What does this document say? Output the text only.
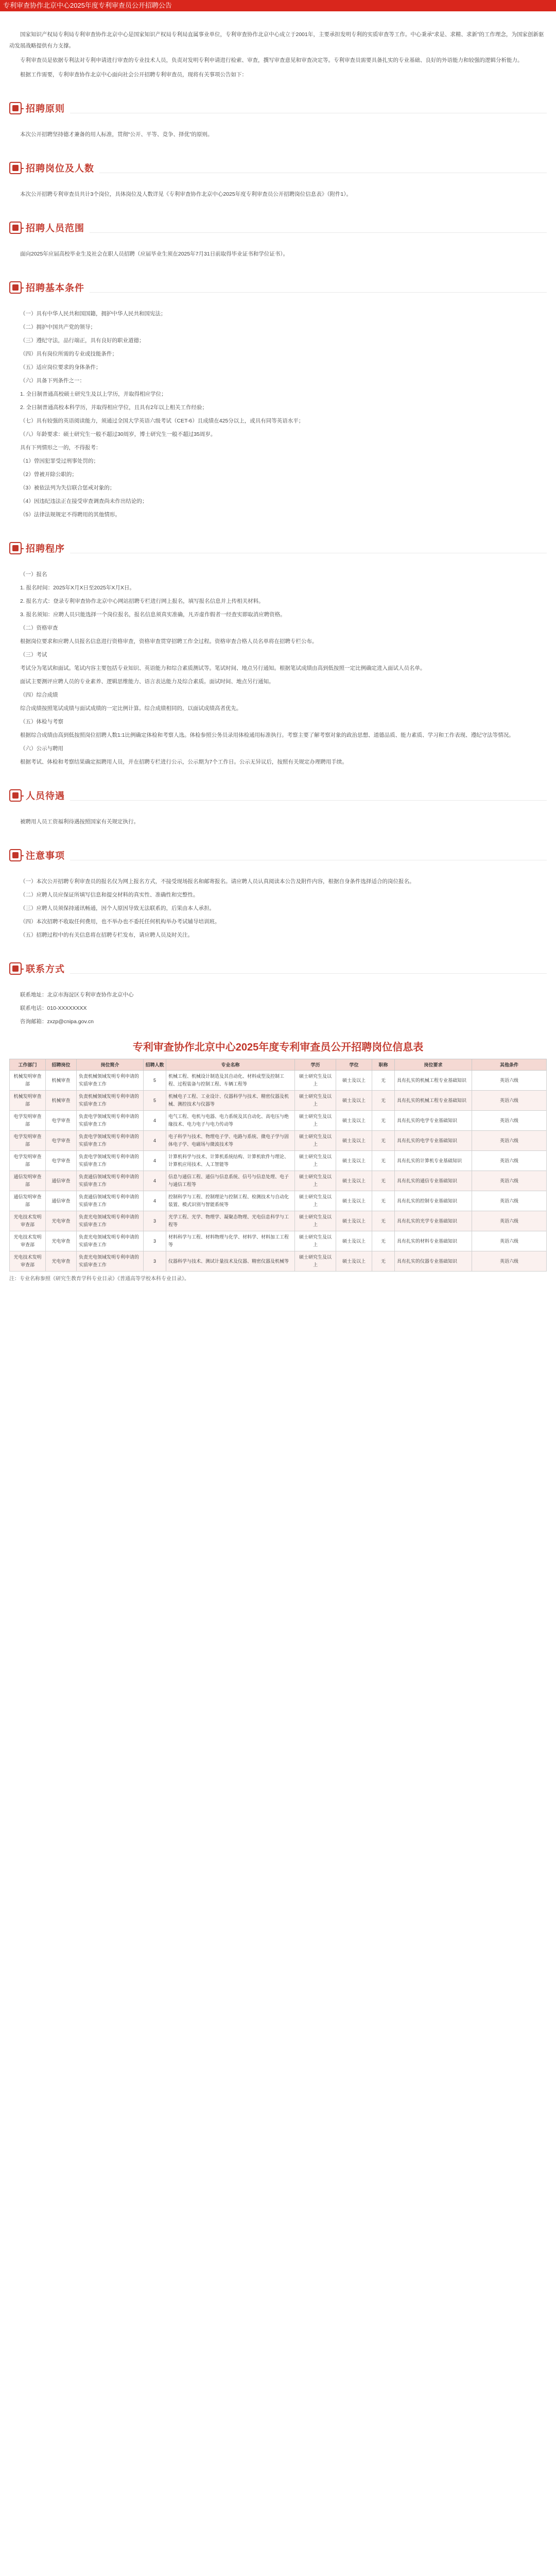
专利审查协作北京中心2025年度专利审查员公开招聘公告

国家知识产权局专利局专利审查协作北京中心是国家知识产权局专利局直属事业单位，专利审查协作北京中心成立于2001年，主要承担发明专利的实质审查等工作。中心秉承“求是、求精、求新”的工作理念，为国家创新驱动发展战略提供有力支撑。

专利审查员是依据专利法对专利申请进行审查的专业技术人员，负责对发明专利申请进行检索、审查，撰写审查意见和审查决定等。专利审查员需要具备扎实的专业基础、良好的外语能力和较强的逻辑分析能力。

根据工作需要，专利审查协作北京中心面向社会公开招聘专利审查员，现将有关事项公告如下：

招聘原则

本次公开招聘坚持德才兼备的用人标准，贯彻“公开、平等、竞争、择优”的原则。

招聘岗位及人数

本次公开招聘专利审查员共计3个岗位，具体岗位及人数详见《专利审查协作北京中心2025年度专利审查员公开招聘岗位信息表》（附件1）。

招聘人员范围

面向2025年应届高校毕业生及社会在职人员招聘（应届毕业生须在2025年7月31日前取得毕业证书和学位证书）。

招聘基本条件

（一）具有中华人民共和国国籍，拥护中华人民共和国宪法；

（二）拥护中国共产党的领导；

（三）遵纪守法，品行端正，具有良好的职业道德；

（四）具有岗位所需的专业或技能条件；

（五）适应岗位要求的身体条件；

（六）具备下列条件之一：

1. 全日制普通高校硕士研究生及以上学历，并取得相应学位；

2. 全日制普通高校本科学历，并取得相应学位，且具有2年以上相关工作经验；

（七）具有较强的英语阅读能力，须通过全国大学英语六级考试（CET-6）且成绩在425分以上，或具有同等英语水平；

（八）年龄要求：硕士研究生一般不超过30周岁，博士研究生一般不超过35周岁。

具有下列情形之一的，不得报考：

（1）曾因犯罪受过刑事处罚的；

（2）曾被开除公职的；

（3）被依法列为失信联合惩戒对象的；

（4）因违纪违法正在接受审查调查尚未作出结论的；

（5）法律法规规定不得聘用的其他情形。

招聘程序

（一）报名

1. 报名时间：2025年X月X日至2025年X月X日。

2. 报名方式：登录专利审查协作北京中心网站招聘专栏进行网上报名，填写报名信息并上传相关材料。

3. 报名须知：应聘人员只能选择一个岗位报名，报名信息须真实准确，凡弄虚作假者一经查实即取消应聘资格。

（二）资格审查

根据岗位要求和应聘人员报名信息进行资格审查，资格审查贯穿招聘工作全过程。资格审查合格人员名单将在招聘专栏公布。

（三）考试

考试分为笔试和面试。笔试内容主要包括专业知识、英语能力和综合素质测试等。笔试时间、地点另行通知。根据笔试成绩由高到低按照一定比例确定进入面试人员名单。

面试主要测评应聘人员的专业素养、逻辑思维能力、语言表达能力及综合素质。面试时间、地点另行通知。

（四）综合成绩

综合成绩按照笔试成绩与面试成绩的一定比例计算。综合成绩相同的，以面试成绩高者优先。

（五）体检与考察

根据综合成绩由高到低按照岗位招聘人数1:1比例确定体检和考察人选。体检参照公务员录用体检通用标准执行。考察主要了解考察对象的政治思想、道德品质、能力素质、学习和工作表现、遵纪守法等情况。

（六）公示与聘用

根据考试、体检和考察结果确定拟聘用人员，并在招聘专栏进行公示，公示期为7个工作日。公示无异议后，按照有关规定办理聘用手续。

人员待遇

被聘用人员工资福利待遇按照国家有关规定执行。

注意事项

（一）本次公开招聘专利审查员的报名仅为网上报名方式，不接受现场报名和邮寄报名。请应聘人员认真阅读本公告及附件内容，根据自身条件选择适合的岗位报名。

（二）应聘人员应保证所填写信息和提交材料的真实性、准确性和完整性。

（三）应聘人员须保持通讯畅通，因个人原因导致无法联系的，后果由本人承担。

（四）本次招聘不收取任何费用，也不举办也不委托任何机构举办考试辅导培训班。

（五）招聘过程中的有关信息将在招聘专栏发布，请应聘人员及时关注。

联系方式

联系地址：北京市海淀区专利审查协作北京中心

联系电话：010-XXXXXXXX

咨询邮箱：zxzp@cnipa.gov.cn

专利审查协作北京中心2025年度专利审查员公开招聘岗位信息表
工作部门	招聘岗位	岗位简介	招聘人数	专业名称	学历	学位	职称	岗位要求	其他条件
机械发明审查部	机械审查	负责机械领域发明专利申请的实质审查工作	5	机械工程、机械设计制造及其自动化、材料成型及控制工程、过程装备与控制工程、车辆工程等	硕士研究生及以上	硕士及以上	无	具有扎实的机械工程专业基础知识	英语六级
机械发明审查部	机械审查	负责机械领域发明专利申请的实质审查工作	5	机械电子工程、工业设计、仪器科学与技术、精密仪器及机械、测控技术与仪器等	硕士研究生及以上	硕士及以上	无	具有扎实的机械工程专业基础知识	英语六级
电学发明审查部	电学审查	负责电学领域发明专利申请的实质审查工作	4	电气工程、电机与电器、电力系统及其自动化、高电压与绝缘技术、电力电子与电力传动等	硕士研究生及以上	硕士及以上	无	具有扎实的电学专业基础知识	英语六级
电学发明审查部	电学审查	负责电学领域发明专利申请的实质审查工作	4	电子科学与技术、物理电子学、电路与系统、微电子学与固体电子学、电磁场与微波技术等	硕士研究生及以上	硕士及以上	无	具有扎实的电学专业基础知识	英语六级
电学发明审查部	电学审查	负责电学领域发明专利申请的实质审查工作	4	计算机科学与技术、计算机系统结构、计算机软件与理论、计算机应用技术、人工智能等	硕士研究生及以上	硕士及以上	无	具有扎实的计算机专业基础知识	英语六级
通信发明审查部	通信审查	负责通信领域发明专利申请的实质审查工作	4	信息与通信工程、通信与信息系统、信号与信息处理、电子与通信工程等	硕士研究生及以上	硕士及以上	无	具有扎实的通信专业基础知识	英语六级
通信发明审查部	通信审查	负责通信领域发明专利申请的实质审查工作	4	控制科学与工程、控制理论与控制工程、检测技术与自动化装置、模式识别与智能系统等	硕士研究生及以上	硕士及以上	无	具有扎实的控制专业基础知识	英语六级
光电技术发明审查部	光电审查	负责光电领域发明专利申请的实质审查工作	3	光学工程、光学、物理学、凝聚态物理、光电信息科学与工程等	硕士研究生及以上	硕士及以上	无	具有扎实的光学专业基础知识	英语六级
光电技术发明审查部	光电审查	负责光电领域发明专利申请的实质审查工作	3	材料科学与工程、材料物理与化学、材料学、材料加工工程等	硕士研究生及以上	硕士及以上	无	具有扎实的材料专业基础知识	英语六级
光电技术发明审查部	光电审查	负责光电领域发明专利申请的实质审查工作	3	仪器科学与技术、测试计量技术及仪器、精密仪器及机械等	硕士研究生及以上	硕士及以上	无	具有扎实的仪器专业基础知识	英语六级

注：专业名称参照《研究生教育学科专业目录》《普通高等学校本科专业目录》。
